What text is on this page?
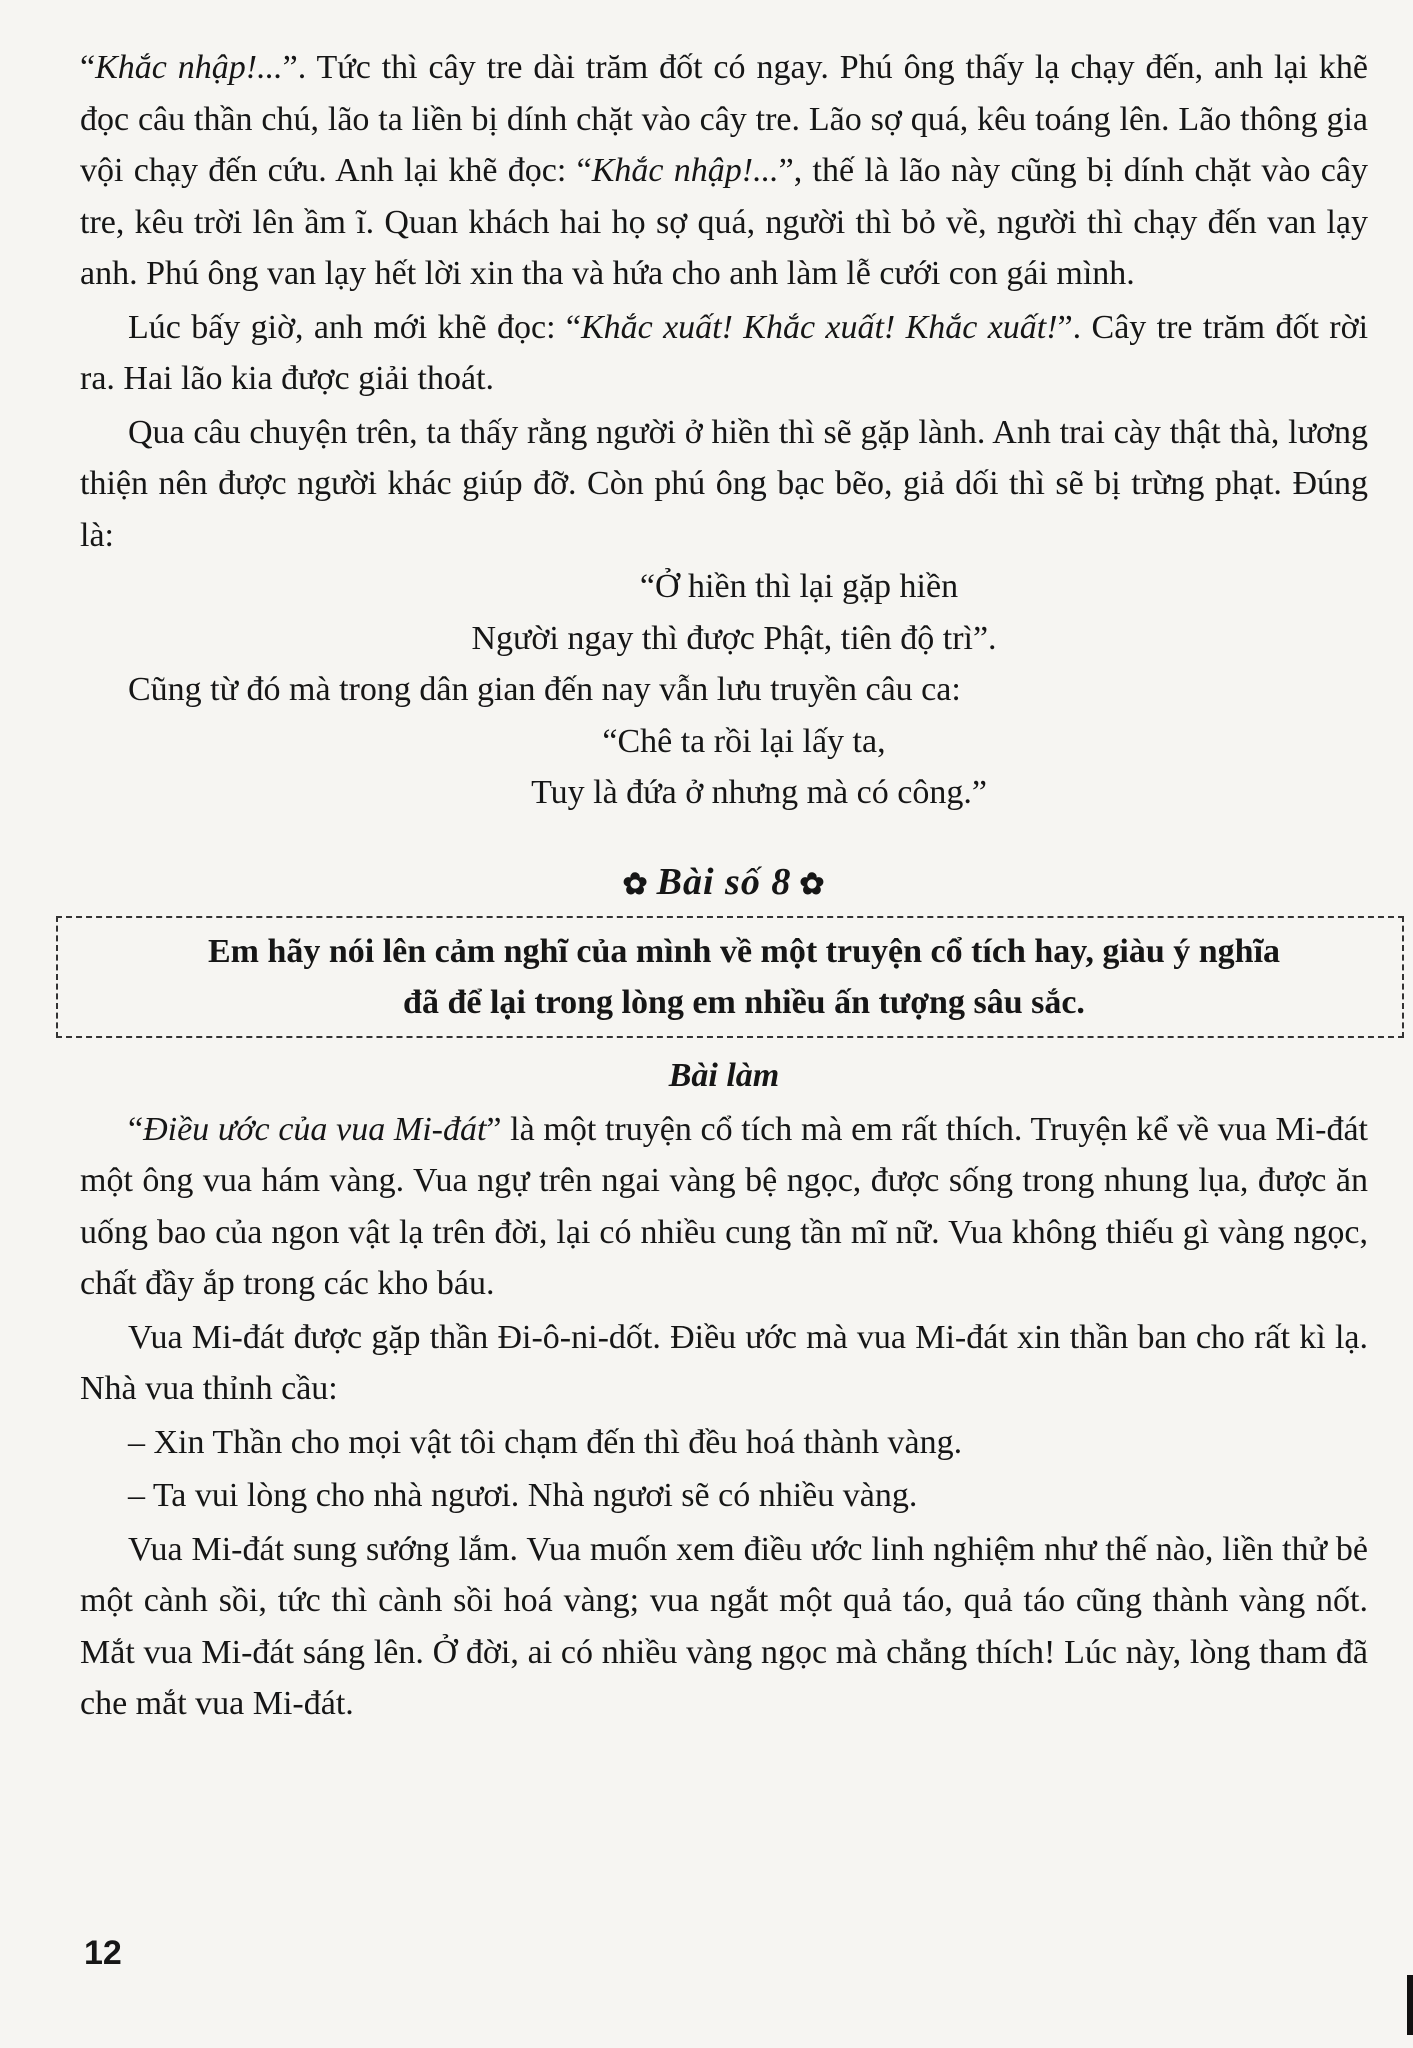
“Khắc nhập!...”. Tức thì cây tre dài trăm đốt có ngay. Phú ông thấy lạ chạy đến, anh lại khẽ đọc câu thần chú, lão ta liền bị dính chặt vào cây tre. Lão sợ quá, kêu toáng lên. Lão thông gia vội chạy đến cứu. Anh lại khẽ đọc: “Khắc nhập!...”, thế là lão này cũng bị dính chặt vào cây tre, kêu trời lên ầm ĩ. Quan khách hai họ sợ quá, người thì bỏ về, người thì chạy đến van lạy anh. Phú ông van lạy hết lời xin tha và hứa cho anh làm lễ cưới con gái mình.

Lúc bấy giờ, anh mới khẽ đọc: “Khắc xuất! Khắc xuất! Khắc xuất!”. Cây tre trăm đốt rời ra. Hai lão kia được giải thoát.

Qua câu chuyện trên, ta thấy rằng người ở hiền thì sẽ gặp lành. Anh trai cày thật thà, lương thiện nên được người khác giúp đỡ. Còn phú ông bạc bẽo, giả dối thì sẽ bị trừng phạt. Đúng là:

“Ở hiền thì lại gặp hiền

Người ngay thì được Phật, tiên độ trì”.

Cũng từ đó mà trong dân gian đến nay vẫn lưu truyền câu ca:

“Chê ta rồi lại lấy ta,

Tuy là đứa ở nhưng mà có công.”

✿ Bài số 8 ✿
Em hãy nói lên cảm nghĩ của mình về một truyện cổ tích hay, giàu ý nghĩa
đã để lại trong lòng em nhiều ấn tượng sâu sắc.
Bài làm

“Điều ước của vua Mi-đát” là một truyện cổ tích mà em rất thích. Truyện kể về vua Mi-đát một ông vua hám vàng. Vua ngự trên ngai vàng bệ ngọc, được sống trong nhung lụa, được ăn uống bao của ngon vật lạ trên đời, lại có nhiều cung tần mĩ nữ. Vua không thiếu gì vàng ngọc, chất đầy ắp trong các kho báu.

Vua Mi-đát được gặp thần Đi-ô-ni-dốt. Điều ước mà vua Mi-đát xin thần ban cho rất kì lạ. Nhà vua thỉnh cầu:

– Xin Thần cho mọi vật tôi chạm đến thì đều hoá thành vàng.

– Ta vui lòng cho nhà ngươi. Nhà ngươi sẽ có nhiều vàng.

Vua Mi-đát sung sướng lắm. Vua muốn xem điều ước linh nghiệm như thế nào, liền thử bẻ một cành sồi, tức thì cành sồi hoá vàng; vua ngắt một quả táo, quả táo cũng thành vàng nốt. Mắt vua Mi-đát sáng lên. Ở đời, ai có nhiều vàng ngọc mà chẳng thích! Lúc này, lòng tham đã che mắt vua Mi-đát.

12
